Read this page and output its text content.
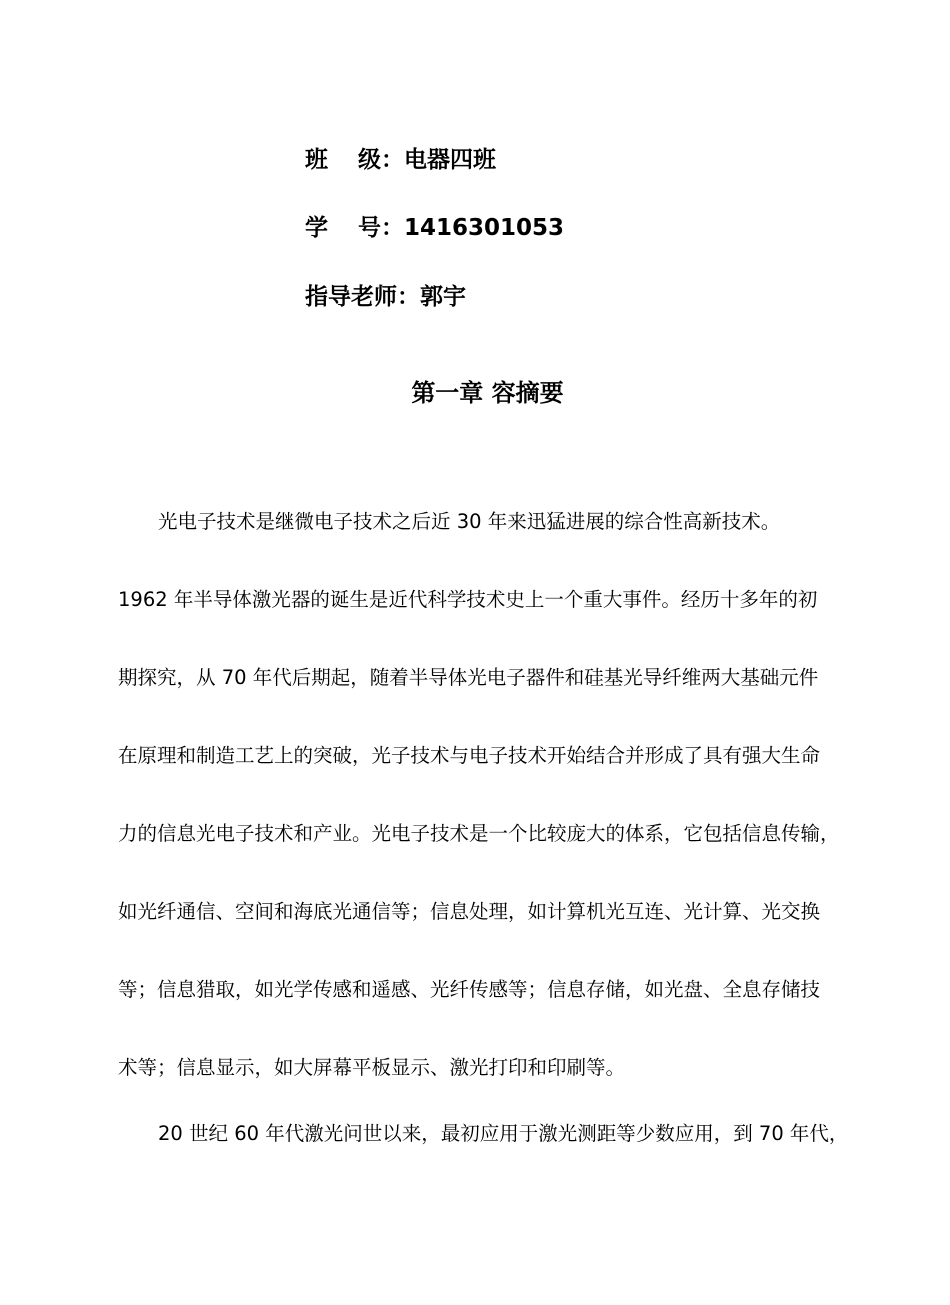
班 级：电器四班
学 号：1416301053
指导老师：郭宇
第一章 容摘要
光电子技术是继微电子技术之后近 30 年来迅猛进展的综合性高新技术。
1962 年半导体激光器的诞生是近代科学技术史上一个重大事件。经历十多年的初
期探究，从 70 年代后期起，随着半导体光电子器件和硅基光导纤维两大基础元件
在原理和制造工艺上的突破，光子技术与电子技术开始结合并形成了具有强大生命
力的信息光电子技术和产业。光电子技术是一个比较庞大的体系，它包括信息传输，
如光纤通信、空间和海底光通信等；信息处理，如计算机光互连、光计算、光交换
等；信息猎取，如光学传感和遥感、光纤传感等；信息存储，如光盘、全息存储技
术等；信息显示，如大屏幕平板显示、激光打印和印刷等。
20 世纪 60 年代激光问世以来，最初应用于激光测距等少数应用，到 70 年代，
